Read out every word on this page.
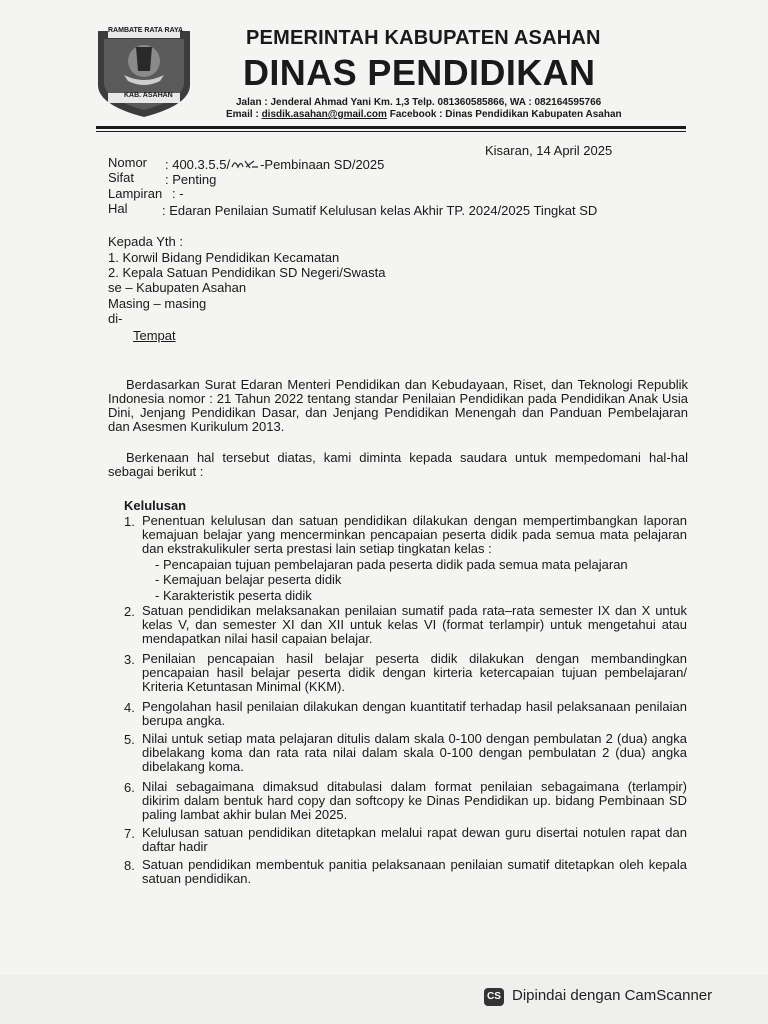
RAMBATE RATA RAYA
KAB. ASAHAN
PEMERINTAH KABUPATEN ASAHAN
DINAS PENDIDIKAN
Jalan : Jenderal Ahmad Yani Km. 1,3 Telp. 081360585866, WA : 082164595766
Email : disdik.asahan@gmail.com Facebook : Dinas Pendidikan Kabupaten Asahan
Kisaran, 14 April 2025
Nomor : 400.3.5.5/ -Pembinaan SD/2025
Sifat : Penting
Lampiran : -
Hal	: Edaran Penilaian Sumatif Kelulusan kelas Akhir TP. 2024/2025 Tingkat SD
Kepada Yth :
1. Korwil Bidang Pendidikan Kecamatan
2. Kepala Satuan Pendidikan SD Negeri/Swasta
se – Kabupaten Asahan
Masing – masing
di-
Tempat
Berdasarkan Surat Edaran Menteri Pendidikan dan Kebudayaan, Riset, dan Teknologi Republik Indonesia nomor : 21 Tahun 2022 tentang standar Penilaian Pendidikan pada Pendidikan Anak Usia Dini, Jenjang Pendidikan Dasar, dan Jenjang Pendidikan Menengah dan Panduan Pembelajaran dan Asesmen Kurikulum 2013.
Berkenaan hal tersebut diatas, kami diminta kepada saudara untuk mempedomani hal-hal sebagai berikut :
Kelulusan
1. Penentuan kelulusan dan satuan pendidikan dilakukan dengan mempertimbangkan laporan kemajuan belajar yang mencerminkan pencapaian peserta didik pada semua mata pelajaran dan ekstrakulikuler serta prestasi lain setiap tingkatan kelas :
- Pencapaian tujuan pembelajaran pada peserta didik pada semua mata pelajaran
- Kemajuan belajar peserta didik
- Karakteristik peserta didik
2. Satuan pendidikan melaksanakan penilaian sumatif pada rata–rata semester IX dan X untuk kelas V, dan semester XI dan XII untuk kelas VI (format terlampir) untuk mengetahui atau mendapatkan nilai hasil capaian belajar.
3. Penilaian pencapaian hasil belajar peserta didik dilakukan dengan membandingkan pencapaian hasil belajar peserta didik dengan kirteria ketercapaian tujuan pembelajaran/ Kriteria Ketuntasan Minimal (KKM).
4. Pengolahan hasil penilaian dilakukan dengan kuantitatif terhadap hasil pelaksanaan penilaian berupa angka.
5. Nilai untuk setiap mata pelajaran ditulis dalam skala 0-100 dengan pembulatan 2 (dua) angka dibelakang koma dan rata rata nilai dalam skala 0-100 dengan pembulatan 2 (dua) angka dibelakang koma.
6. Nilai sebagaimana dimaksud ditabulasi dalam format penilaian sebagaimana (terlampir) dikirim dalam bentuk hard copy dan softcopy ke Dinas Pendidikan up. bidang Pembinaan SD paling lambat akhir bulan Mei 2025.
7. Kelulusan satuan pendidikan ditetapkan melalui rapat dewan guru disertai notulen rapat dan daftar hadir
8. Satuan pendidikan membentuk panitia pelaksanaan penilaian sumatif ditetapkan oleh kepala satuan pendidikan.
CS Dipindai dengan CamScanner
